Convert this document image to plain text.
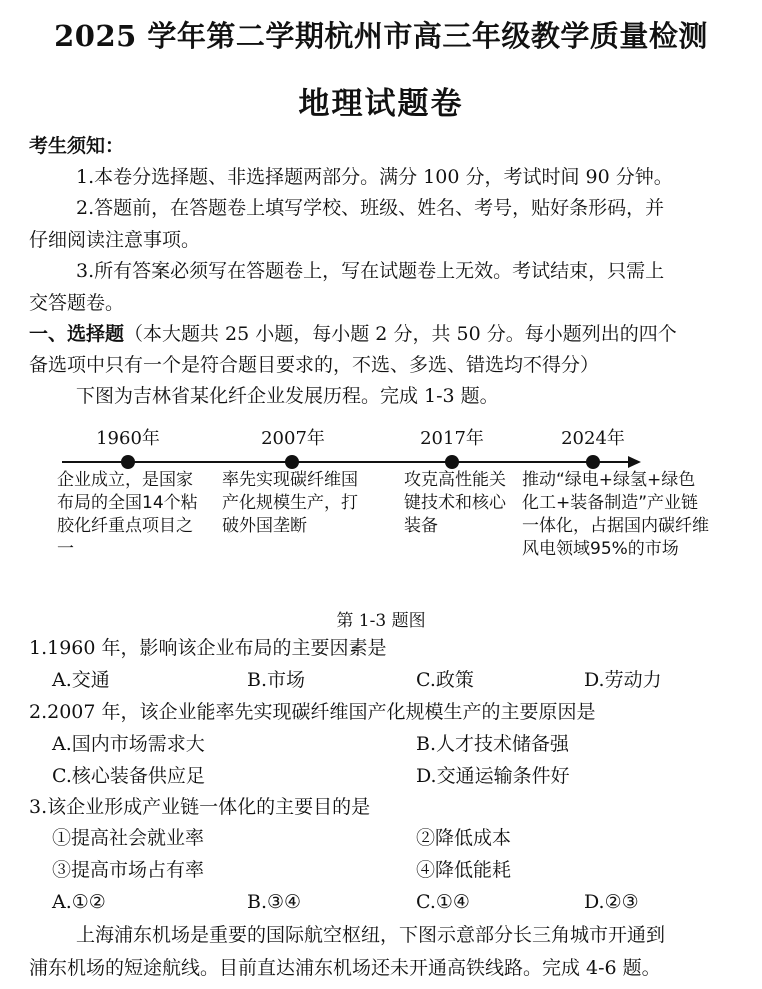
2025 学年第二学期杭州市高三年级教学质量检测
地理试题卷
考生须知：
1.本卷分选择题、非选择题两部分。满分 100 分，考试时间 90 分钟。
2.答题前，在答题卷上填写学校、班级、姓名、考号，贴好条形码，并
仔细阅读注意事项。
3.所有答案必须写在答题卷上，写在试题卷上无效。考试结束，只需上
交答题卷。
一、选择题（本大题共 25 小题，每小题 2 分，共 50 分。每小题列出的四个
备选项中只有一个是符合题目要求的，不选、多选、错选均不得分）
下图为吉林省某化纤企业发展历程。完成 1-3 题。
1960年	2007年	2017年	2024年
企业成立，是国家布局的全国14个粘胶化纤重点项目之一
率先实现碳纤维国产化规模生产，打破外国垄断
攻克高性能关键技术和核心装备
推动“绿电+绿氢+绿色化工+装备制造”产业链一体化，占据国内碳纤维风电领域95%的市场
第 1-3 题图
1.1960 年，影响该企业布局的主要因素是
A.交通	B.市场	C.政策	D.劳动力
2.2007 年，该企业能率先实现碳纤维国产化规模生产的主要原因是
A.国内市场需求大	B.人才技术储备强
C.核心装备供应足	D.交通运输条件好
3.该企业形成产业链一体化的主要目的是
①提高社会就业率	②降低成本
③提高市场占有率	④降低能耗
A.①②	B.③④	C.①④	D.②③
上海浦东机场是重要的国际航空枢纽，下图示意部分长三角城市开通到
浦东机场的短途航线。目前直达浦东机场还未开通高铁线路。完成 4-6 题。
